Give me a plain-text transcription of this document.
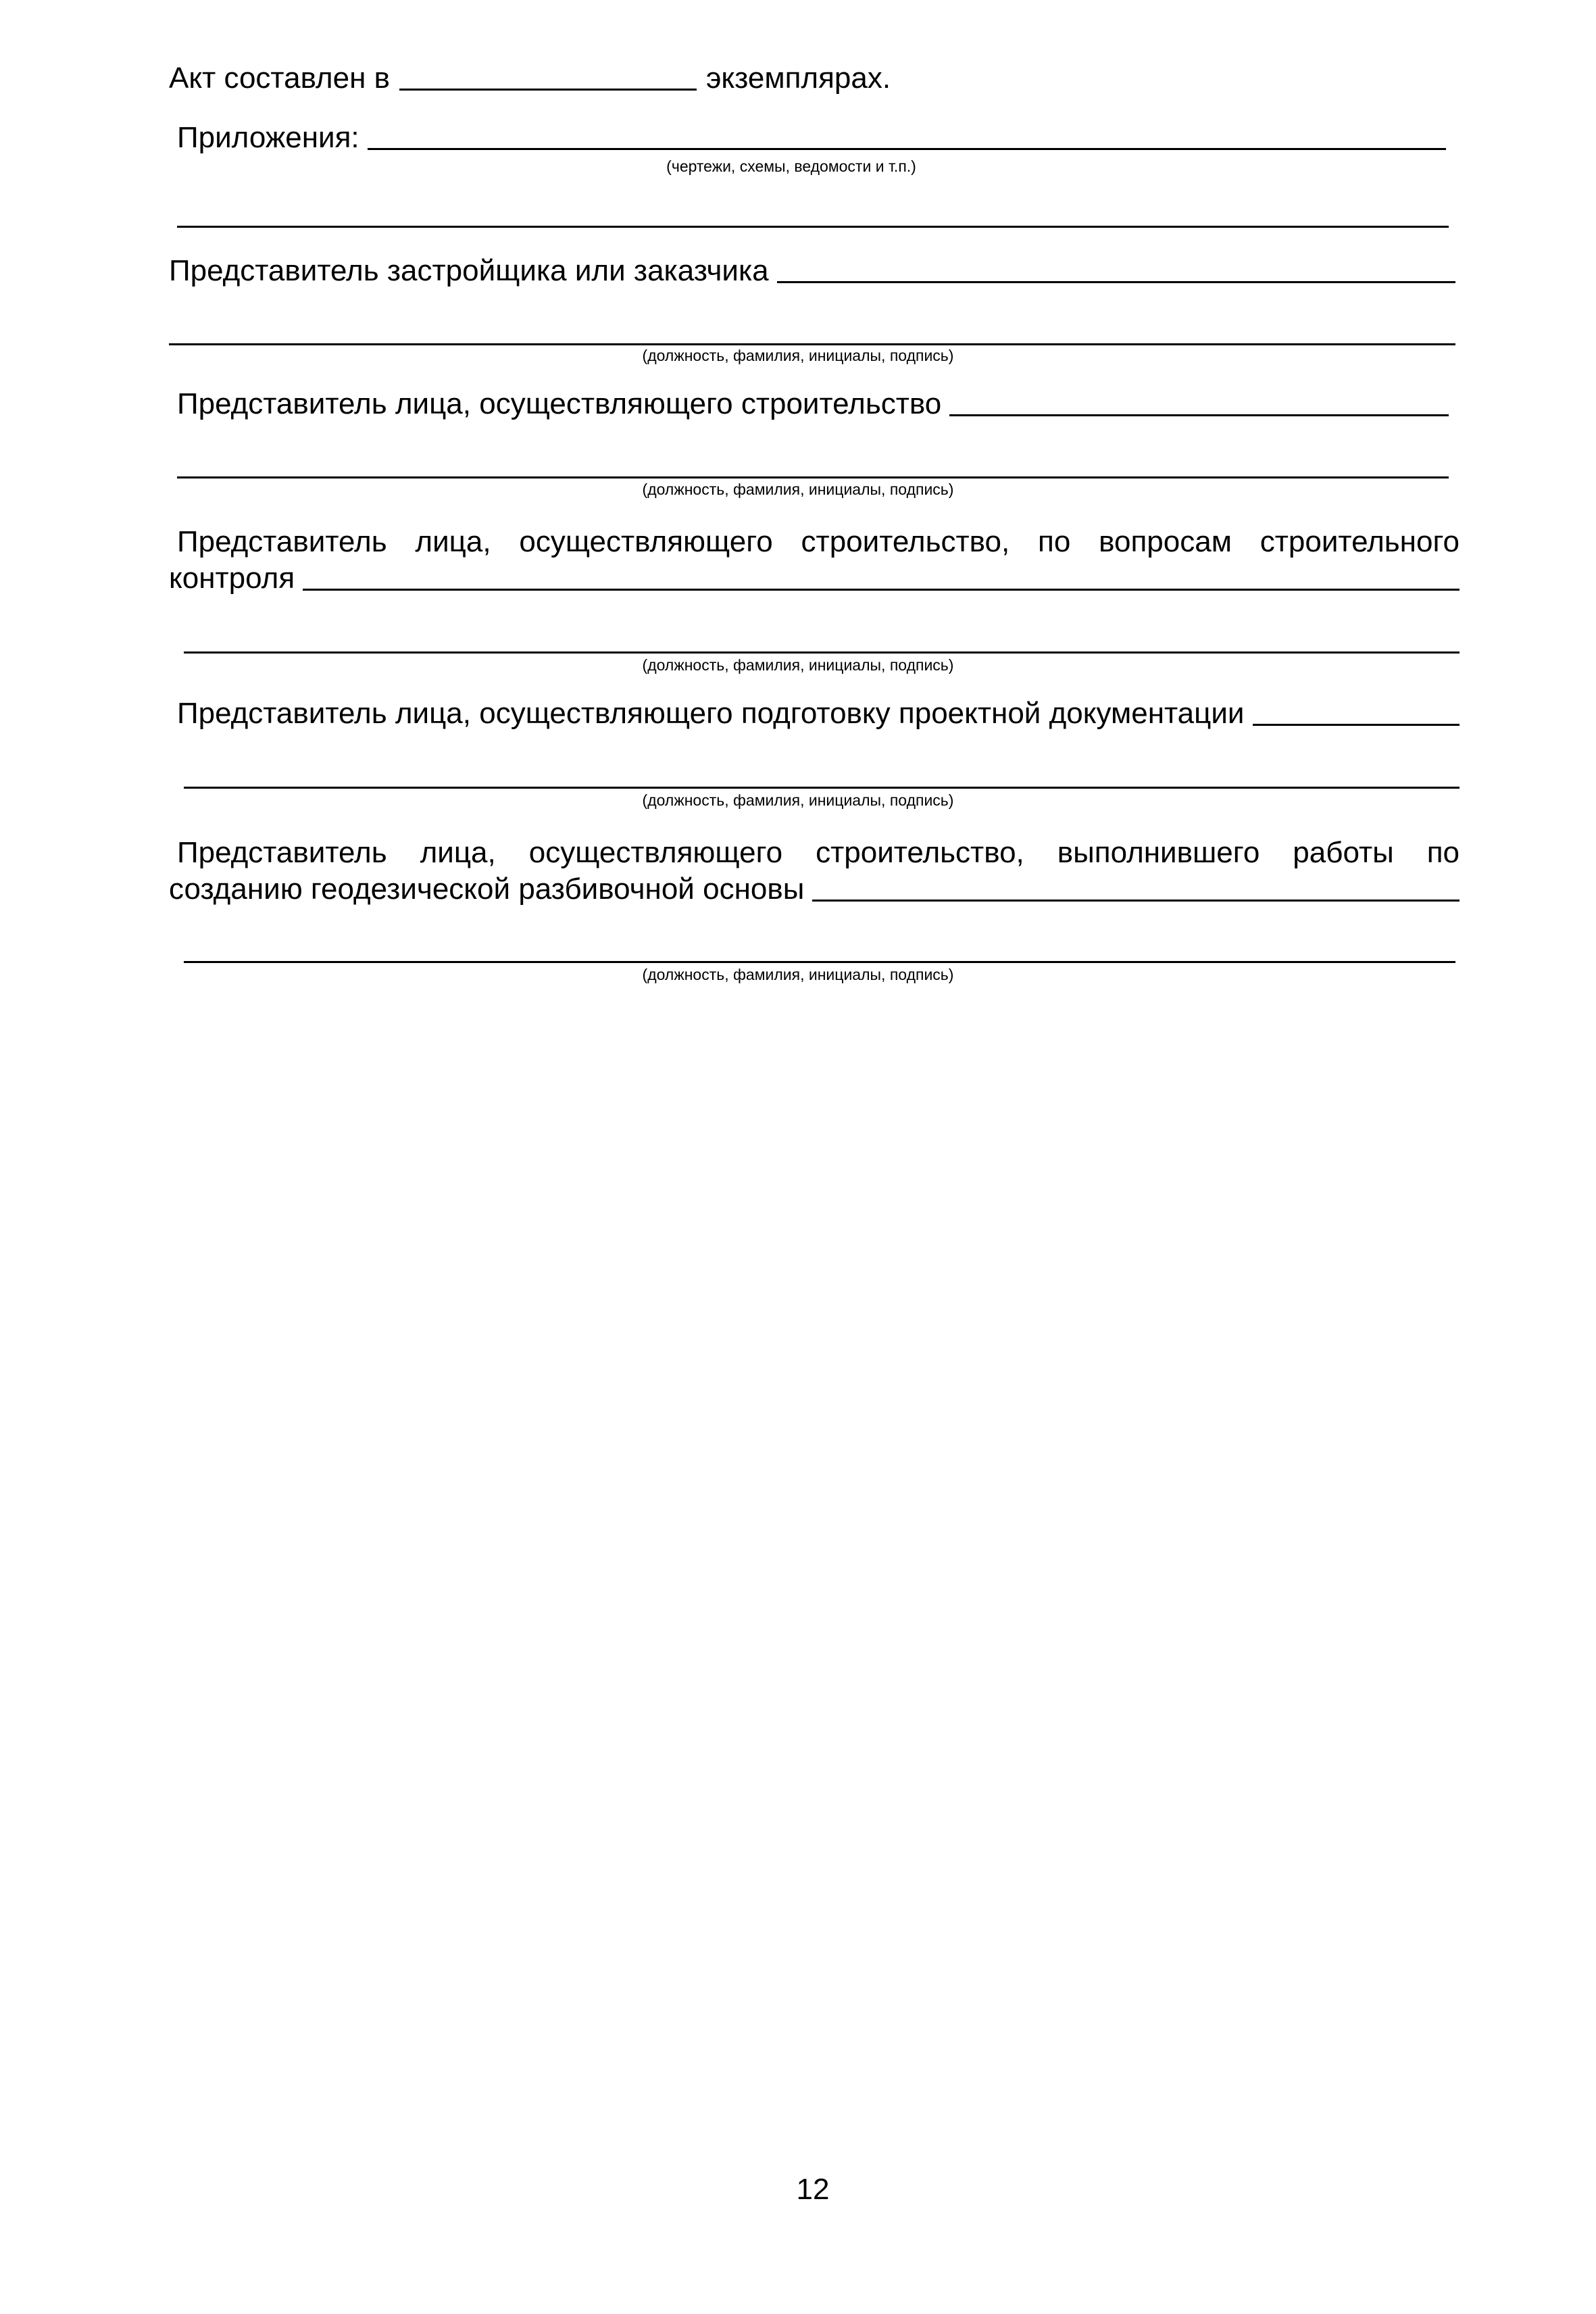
Акт составлен в	экземплярах.
Приложения:
(чертежи, схемы, ведомости и т.п.)
Представитель застройщика или заказчика
(должность, фамилия, инициалы, подпись)
Представитель лица, осуществляющего строительство
(должность, фамилия, инициалы, подпись)
Представитель лица, осуществляющего строительство, по вопросам строительного
контроля
(должность, фамилия, инициалы, подпись)
Представитель лица, осуществляющего подготовку проектной документации
(должность, фамилия, инициалы, подпись)
Представитель лица, осуществляющего строительство, выполнившего работы по
созданию геодезической разбивочной основы
(должность, фамилия, инициалы, подпись)
12
